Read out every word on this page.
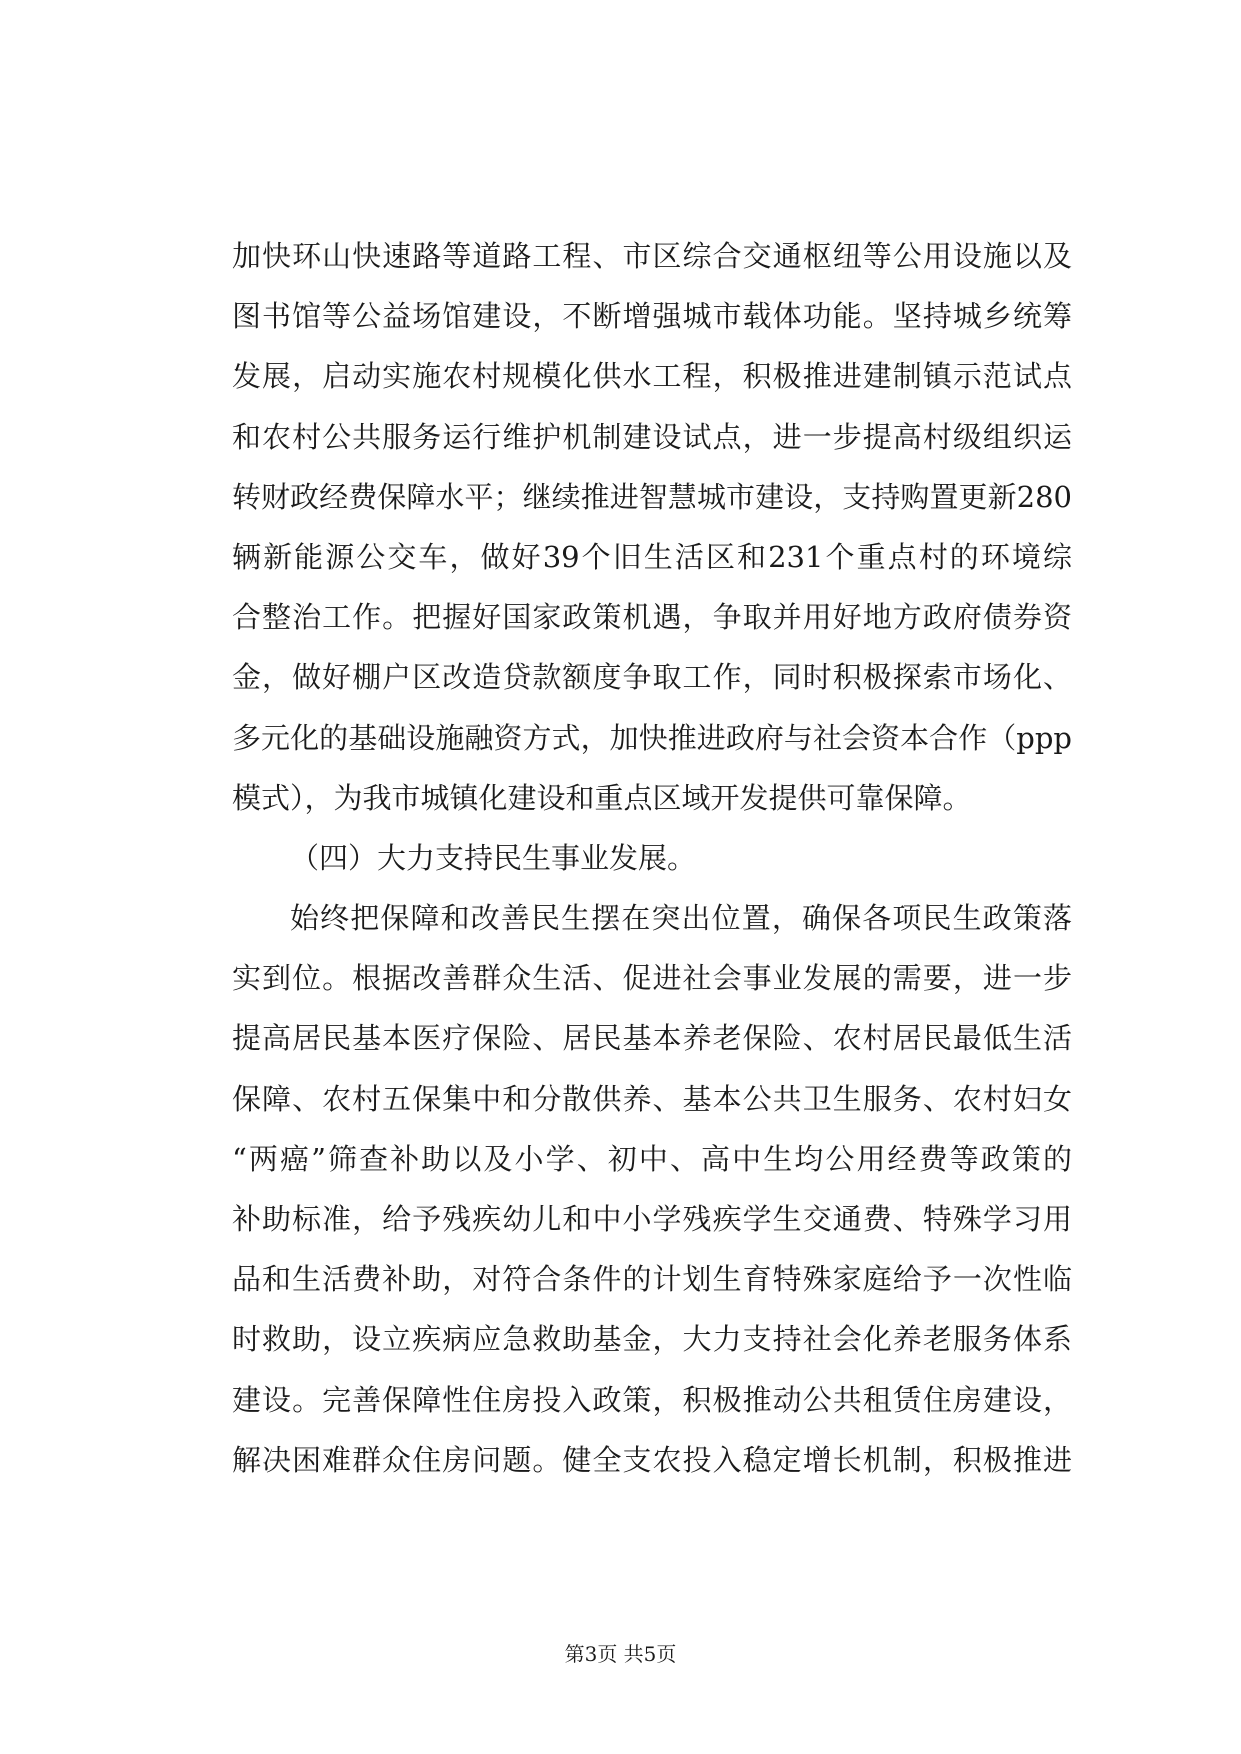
加快环山快速路等道路工程、市区综合交通枢纽等公用设施以及
图书馆等公益场馆建设，不断增强城市载体功能。坚持城乡统筹
发展，启动实施农村规模化供水工程，积极推进建制镇示范试点
和农村公共服务运行维护机制建设试点，进一步提高村级组织运
转财政经费保障水平；继续推进智慧城市建设，支持购置更新280
辆新能源公交车，做好39个旧生活区和231个重点村的环境综
合整治工作。把握好国家政策机遇，争取并用好地方政府债券资
金，做好棚户区改造贷款额度争取工作，同时积极探索市场化、
多元化的基础设施融资方式，加快推进政府与社会资本合作（ppp
模式），为我市城镇化建设和重点区域开发提供可靠保障。
（四）大力支持民生事业发展。
始终把保障和改善民生摆在突出位置，确保各项民生政策落
实到位。根据改善群众生活、促进社会事业发展的需要，进一步
提高居民基本医疗保险、居民基本养老保险、农村居民最低生活
保障、农村五保集中和分散供养、基本公共卫生服务、农村妇女
“两癌”筛查补助以及小学、初中、高中生均公用经费等政策的
补助标准，给予残疾幼儿和中小学残疾学生交通费、特殊学习用
品和生活费补助，对符合条件的计划生育特殊家庭给予一次性临
时救助，设立疾病应急救助基金，大力支持社会化养老服务体系
建设。完善保障性住房投入政策，积极推动公共租赁住房建设，
解决困难群众住房问题。健全支农投入稳定增长机制，积极推进
第3页 共5页
